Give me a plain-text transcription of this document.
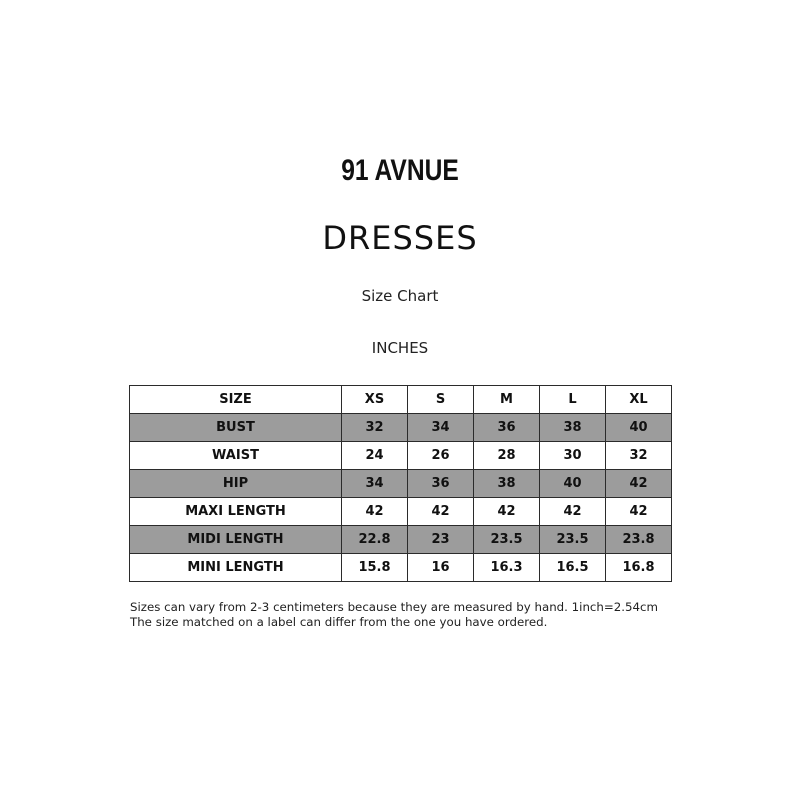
91 AVNUE
DRESSES
Size Chart
INCHES
SIZE	XS	S	M	L	XL
BUST	32	34	36	38	40
WAIST	24	26	28	30	32
HIP	34	36	38	40	42
MAXI LENGTH	42	42	42	42	42
MIDI LENGTH	22.8	23	23.5	23.5	23.8
MINI LENGTH	15.8	16	16.3	16.5	16.8
Sizes can vary from 2-3 centimeters because they are measured by hand. 1inch=2.54cm
The size matched on a label can differ from the one you have ordered.
